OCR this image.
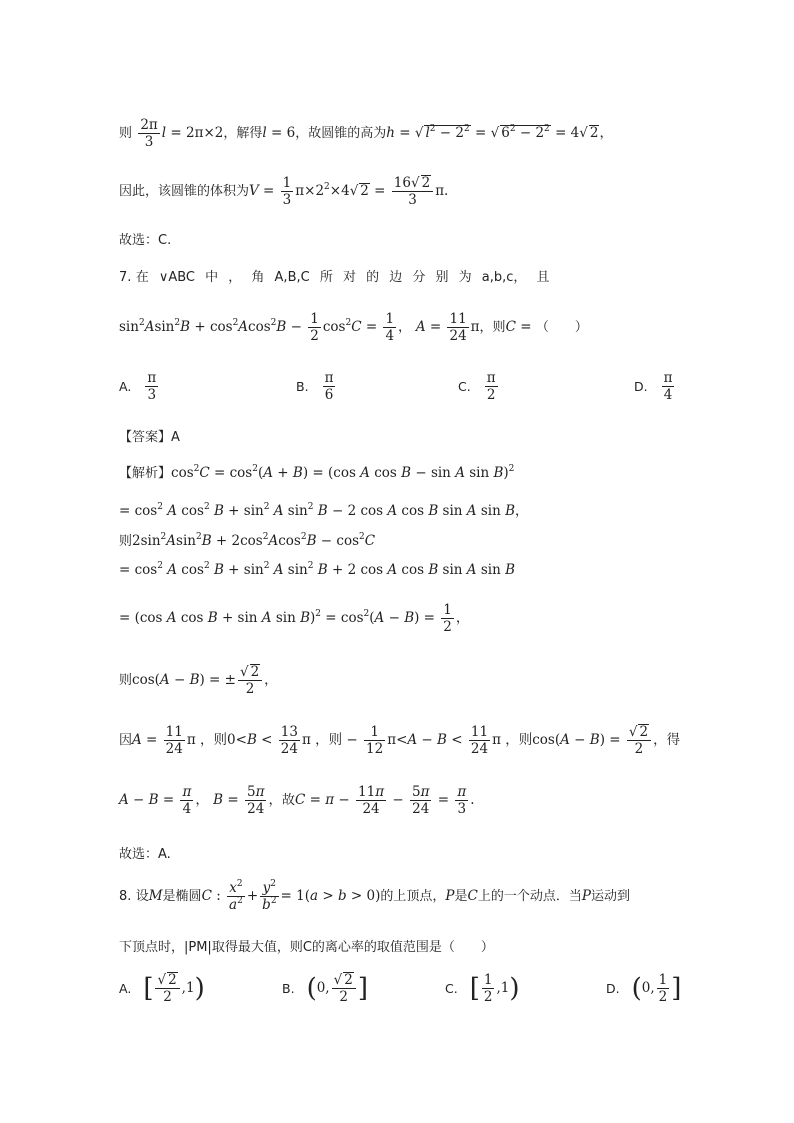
则 $\frac{2\pi}{3}$ l = 2π×2，解得l = 6，故圆锥的高为h = √ $l^2 - 2^2$ = √ $6^2 - 2^2 = 4√$ 2，
因此，该圆锥的体积为$V = \frac{1}{3} \pi\times 2^2\times 4√$ $2 = \frac{16√ 2}{3} \pi$.
故选：C.
7. 在 ∨ABC 中 ， 角 A,B,C 所 对 的 边 分 别 为 a,b,c， 且
$\sin^2Asin^2B + \cos^2Acos^2B - \frac{1}{2} \cos^2C = \frac{1}{4}$ ， $A = \frac{11}{24}$ π，则C = （　　）
A. $\frac{\pi}{3}$	B. $\frac{\pi}{6}$	C. $\frac{\pi}{2}$	D. $\frac{\pi}{4}$
【答案】A
【解析】$\cos^2C = \cos^2(A + B) = (\cos$ A cos B − sin A sin B)$^2$
= $\cos^2 A$ $\cos^2 B + \sin^2 A$ $\sin^2 B - 2$ cos A cos B sin A sin B，
则$2\sin^2Asin^2B + 2\cos^2Acos^2B - \cos^2C$
= $\cos^2 A$ $\cos^2 B + \sin^2 A$ $\sin^2 B + 2$ cos A cos B sin A sin B
= (cos A cos B + sin A $\sin B)^2 = \cos^2(A - B) = \frac{1}{2}$ ，
则cos(A − B) = ± $\frac{√ 2}{2}$ ，
因$A = \frac{11}{24}$ π ，则$0<B < \frac{13}{24}$ π ，则 − $\frac{1}{12} \pi<A - B < \frac{11}{24}$ π ，则$\cos(A - B) = \frac{√ 2}{2}$ ，得
$A - B = \frac{\pi}{4}$ ， $B = \frac{5\pi}{24}$ ，故$C = \pi - \frac{11\pi}{24} - \frac{5\pi}{24} = \frac{\pi}{3}$ .
故选：A.
8. 设M是椭圆C : $\frac{x^2}{a^2} + \frac{y^2}{b^2} = 1(a > b > 0)$的上顶点，P是C上的一个动点．当P运动到
下顶点时，|PM|取得最大值，则C的离心率的取值范围是（　　）
A. [ $\frac{√ 2}{2} ,1$)	B. (0, $\frac{√ 2}{2}$ ]	C. [ $\frac{1}{2} ,1$)	D. (0, $\frac{1}{2}$ ]
